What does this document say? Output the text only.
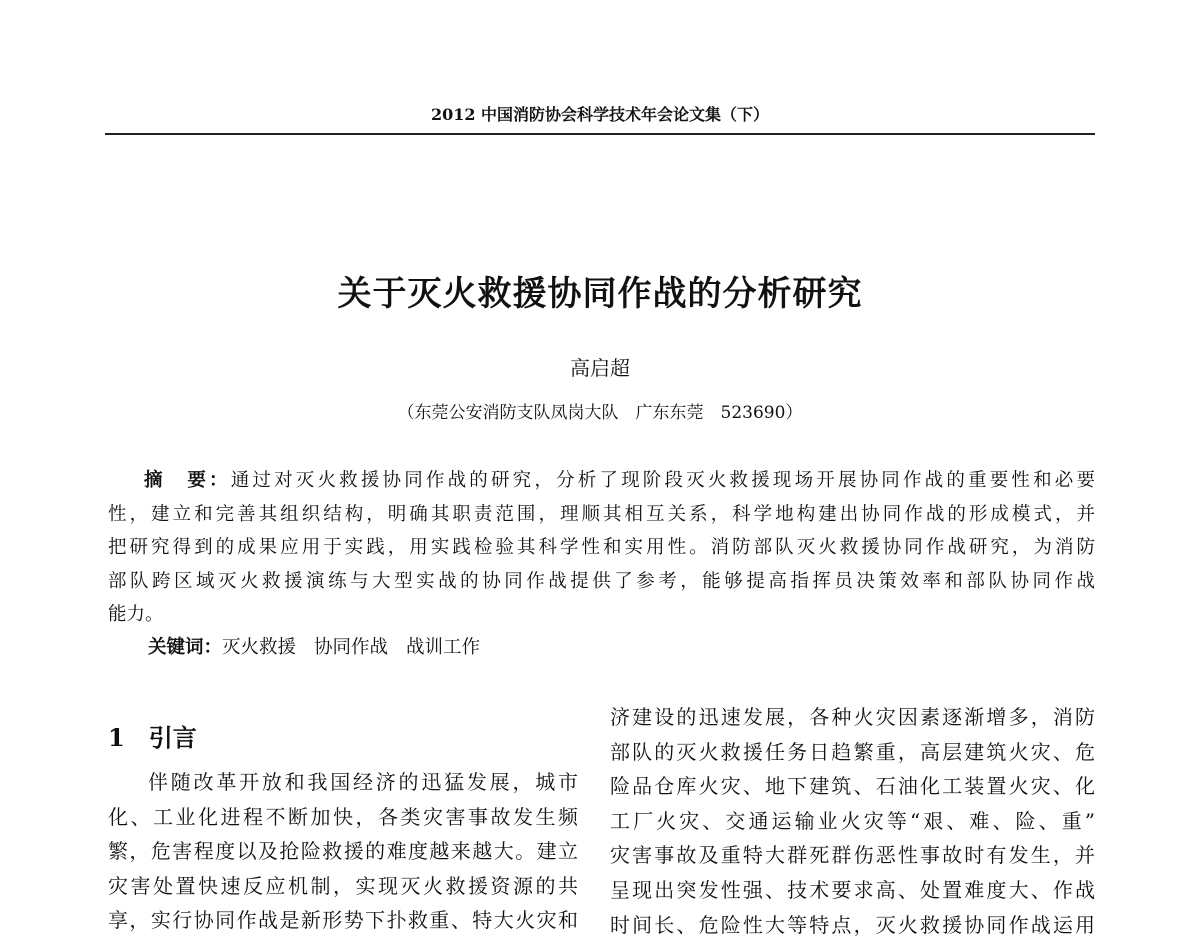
2012 中国消防协会科学技术年会论文集（下）
关于灭火救援协同作战的分析研究
高启超
（东莞公安消防支队凤岗大队　广东东莞　523690）
摘　要：通过对灭火救援协同作战的研究，分析了现阶段灭火救援现场开展协同作战的重要性和必要
性，建立和完善其组织结构，明确其职责范围，理顺其相互关系，科学地构建出协同作战的形成模式，并
把研究得到的成果应用于实践，用实践检验其科学性和实用性。消防部队灭火救援协同作战研究，为消防
部队跨区域灭火救援演练与大型实战的协同作战提供了参考，能够提高指挥员决策效率和部队协同作战
能力。
关键词：灭火救援 协同作战 战训工作
1　引言
伴随改革开放和我国经济的迅猛发展，城市
化、工业化进程不断加快，各类灾害事故发生频
繁，危害程度以及抢险救援的难度越来越大。建立
灾害处置快速反应机制，实现灭火救援资源的共
享，实行协同作战是新形势下扑救重、特大火灾和
济建设的迅速发展，各种火灾因素逐渐增多，消防
部队的灭火救援任务日趋繁重，高层建筑火灾、危
险品仓库火灾、地下建筑、石油化工装置火灾、化
工厂火灾、交通运输业火灾等“艰、难、险、重”
灾害事故及重特大群死群伤恶性事故时有发生，并
呈现出突发性强、技术要求高、处置难度大、作战
时间长、危险性大等特点，灭火救援协同作战运用
